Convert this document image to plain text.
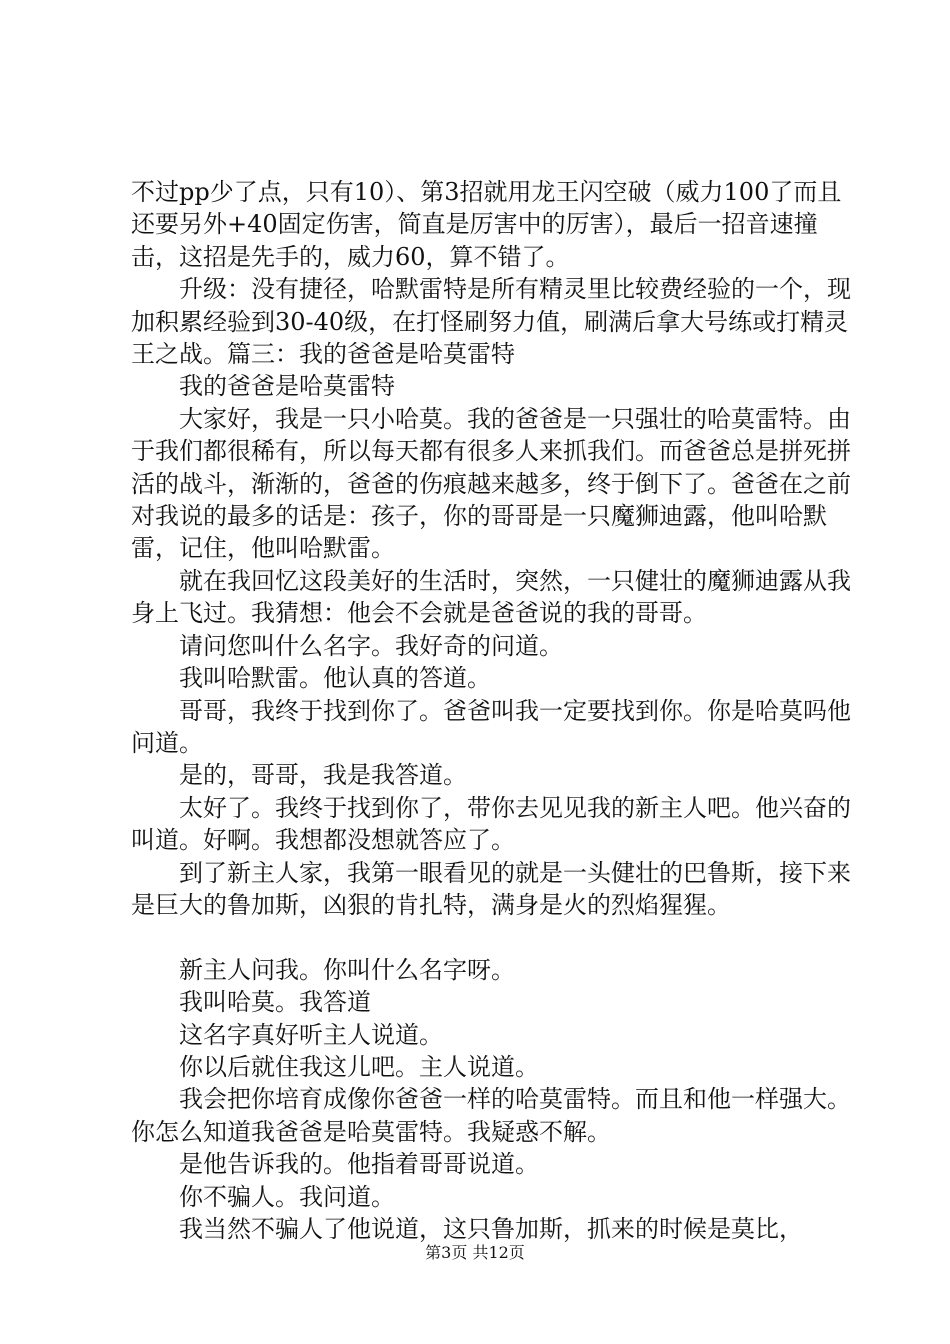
不过pp少了点，只有10）、第3招就用龙王闪空破（威力100了而且还要另外+40固定伤害，简直是厉害中的厉害），最后一招音速撞击，这招是先手的，威力60，算不错了。

升级：没有捷径，哈默雷特是所有精灵里比较费经验的一个，现加积累经验到30-40级，在打怪刷努力值，刷满后拿大号练或打精灵王之战。篇三：我的爸爸是哈莫雷特

我的爸爸是哈莫雷特

大家好，我是一只小哈莫。我的爸爸是一只强壮的哈莫雷特。由于我们都很稀有，所以每天都有很多人来抓我们。而爸爸总是拼死拼活的战斗，渐渐的，爸爸的伤痕越来越多，终于倒下了。爸爸在之前对我说的最多的话是：孩子，你的哥哥是一只魔狮迪露，他叫哈默雷，记住，他叫哈默雷。

就在我回忆这段美好的生活时，突然，一只健壮的魔狮迪露从我身上飞过。我猜想：他会不会就是爸爸说的我的哥哥。

请问您叫什么名字。我好奇的问道。

我叫哈默雷。他认真的答道。

哥哥，我终于找到你了。爸爸叫我一定要找到你。你是哈莫吗他问道。

是的，哥哥，我是我答道。

太好了。我终于找到你了，带你去见见我的新主人吧。他兴奋的叫道。好啊。我想都没想就答应了。

到了新主人家，我第一眼看见的就是一头健壮的巴鲁斯，接下来是巨大的鲁加斯，凶狠的肯扎特，满身是火的烈焰猩猩。

新主人问我。你叫什么名字呀。

我叫哈莫。我答道

这名字真好听主人说道。

你以后就住我这儿吧。主人说道。

我会把你培育成像你爸爸一样的哈莫雷特。而且和他一样强大。你怎么知道我爸爸是哈莫雷特。我疑惑不解。

是他告诉我的。他指着哥哥说道。

你不骗人。我问道。

我当然不骗人了他说道，这只鲁加斯，抓来的时候是莫比，

第3页 共12页
